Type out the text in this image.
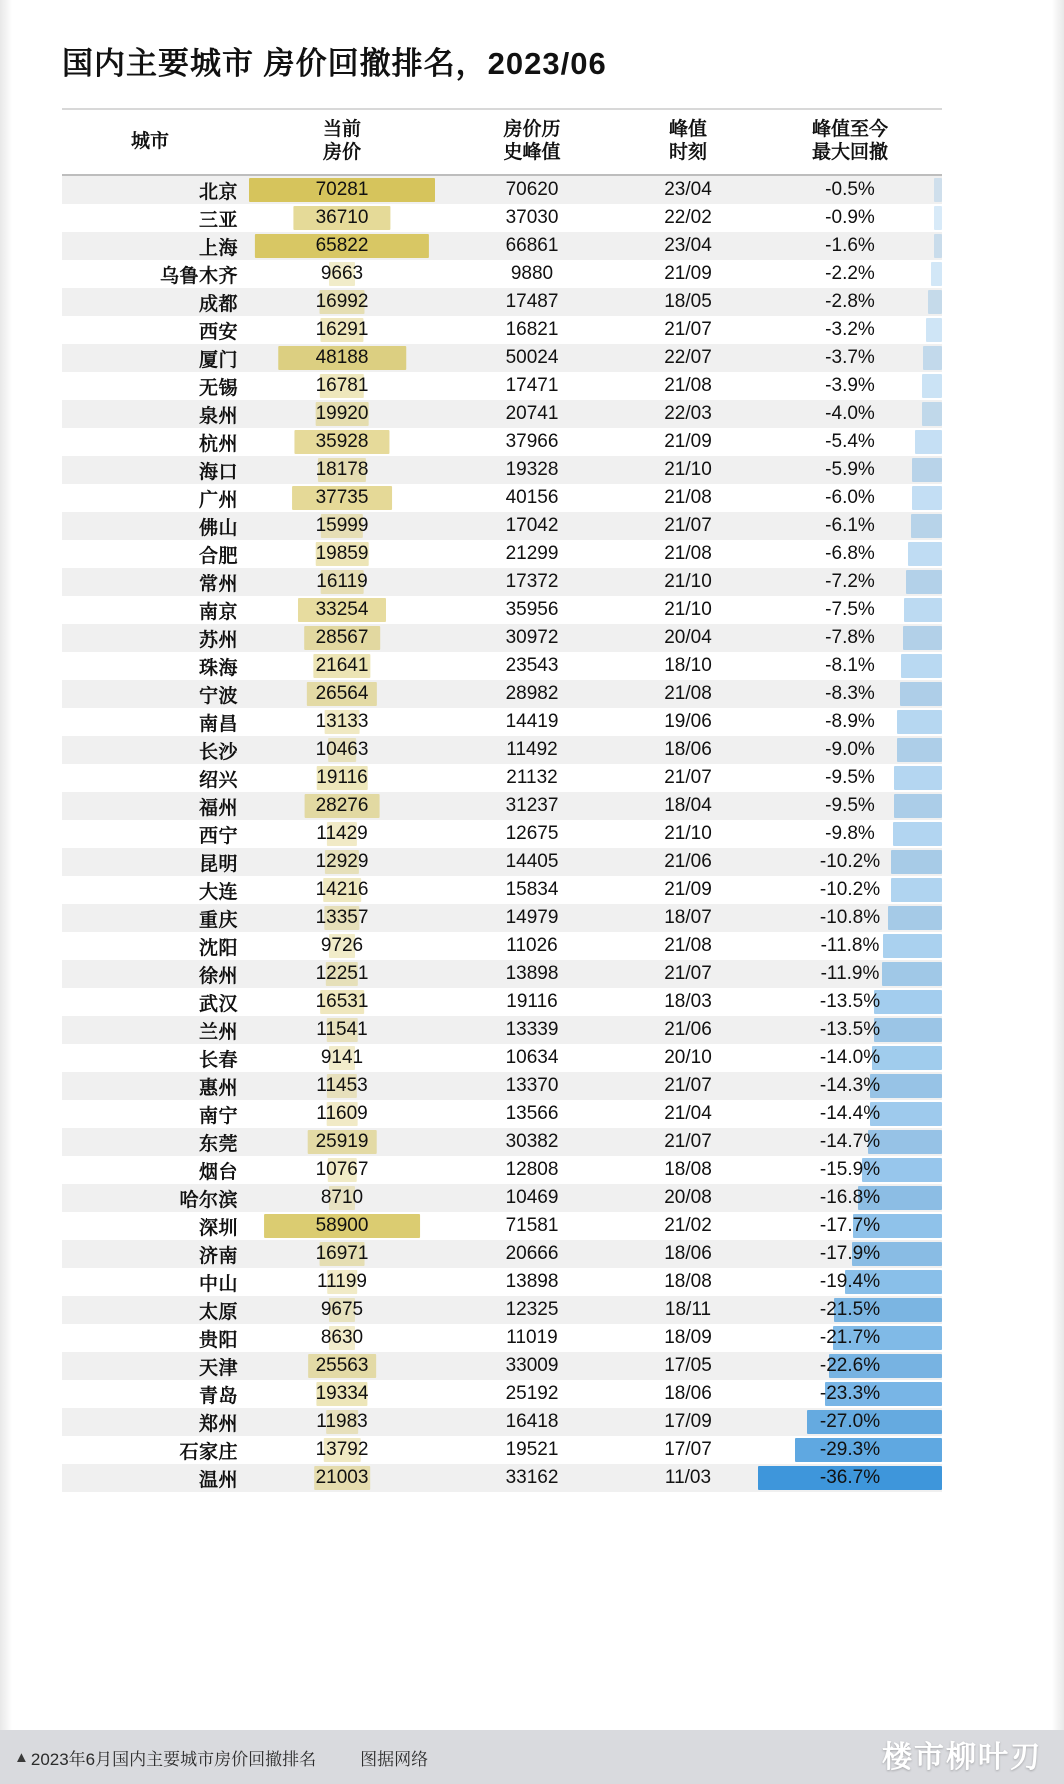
国内主要城市 房价回撤排名，2023/06
城市	
当前
房价

房价历
史峰值

峰值
时刻

峰值至今
最大回撤

北京	70281	70620	23/04	-0.5%
三亚	36710	37030	22/02	-0.9%
上海	65822	66861	23/04	-1.6%
乌鲁木齐	9663	9880	21/09	-2.2%
成都	16992	17487	18/05	-2.8%
西安	16291	16821	21/07	-3.2%
厦门	48188	50024	22/07	-3.7%
无锡	16781	17471	21/08	-3.9%
泉州	19920	20741	22/03	-4.0%
杭州	35928	37966	21/09	-5.4%
海口	18178	19328	21/10	-5.9%
广州	37735	40156	21/08	-6.0%
佛山	15999	17042	21/07	-6.1%
合肥	19859	21299	21/08	-6.8%
常州	16119	17372	21/10	-7.2%
南京	33254	35956	21/10	-7.5%
苏州	28567	30972	20/04	-7.8%
珠海	21641	23543	18/10	-8.1%
宁波	26564	28982	21/08	-8.3%
南昌	13133	14419	19/06	-8.9%
长沙	10463	11492	18/06	-9.0%
绍兴	19116	21132	21/07	-9.5%
福州	28276	31237	18/04	-9.5%
西宁	11429	12675	21/10	-9.8%
昆明	12929	14405	21/06	-10.2%
大连	14216	15834	21/09	-10.2%
重庆	13357	14979	18/07	-10.8%
沈阳	9726	11026	21/08	-11.8%
徐州	12251	13898	21/07	-11.9%
武汉	16531	19116	18/03	-13.5%
兰州	11541	13339	21/06	-13.5%
长春	9141	10634	20/10	-14.0%
惠州	11453	13370	21/07	-14.3%
南宁	11609	13566	21/04	-14.4%
东莞	25919	30382	21/07	-14.7%
烟台	10767	12808	18/08	-15.9%
哈尔滨	8710	10469	20/08	-16.8%
深圳	58900	71581	21/02	-17.7%
济南	16971	20666	18/06	-17.9%
中山	11199	13898	18/08	-19.4%
太原	9675	12325	18/11	-21.5%
贵阳	8630	11019	18/09	-21.7%
天津	25563	33009	17/05	-22.6%
青岛	19334	25192	18/06	-23.3%
郑州	11983	16418	17/09	-27.0%
石家庄	13792	19521	17/07	-29.3%
温州	21003	33162	11/03	-36.7%
▲ 2023年6月国内主要城市房价回撤排名	图据网络	楼市柳叶刃
